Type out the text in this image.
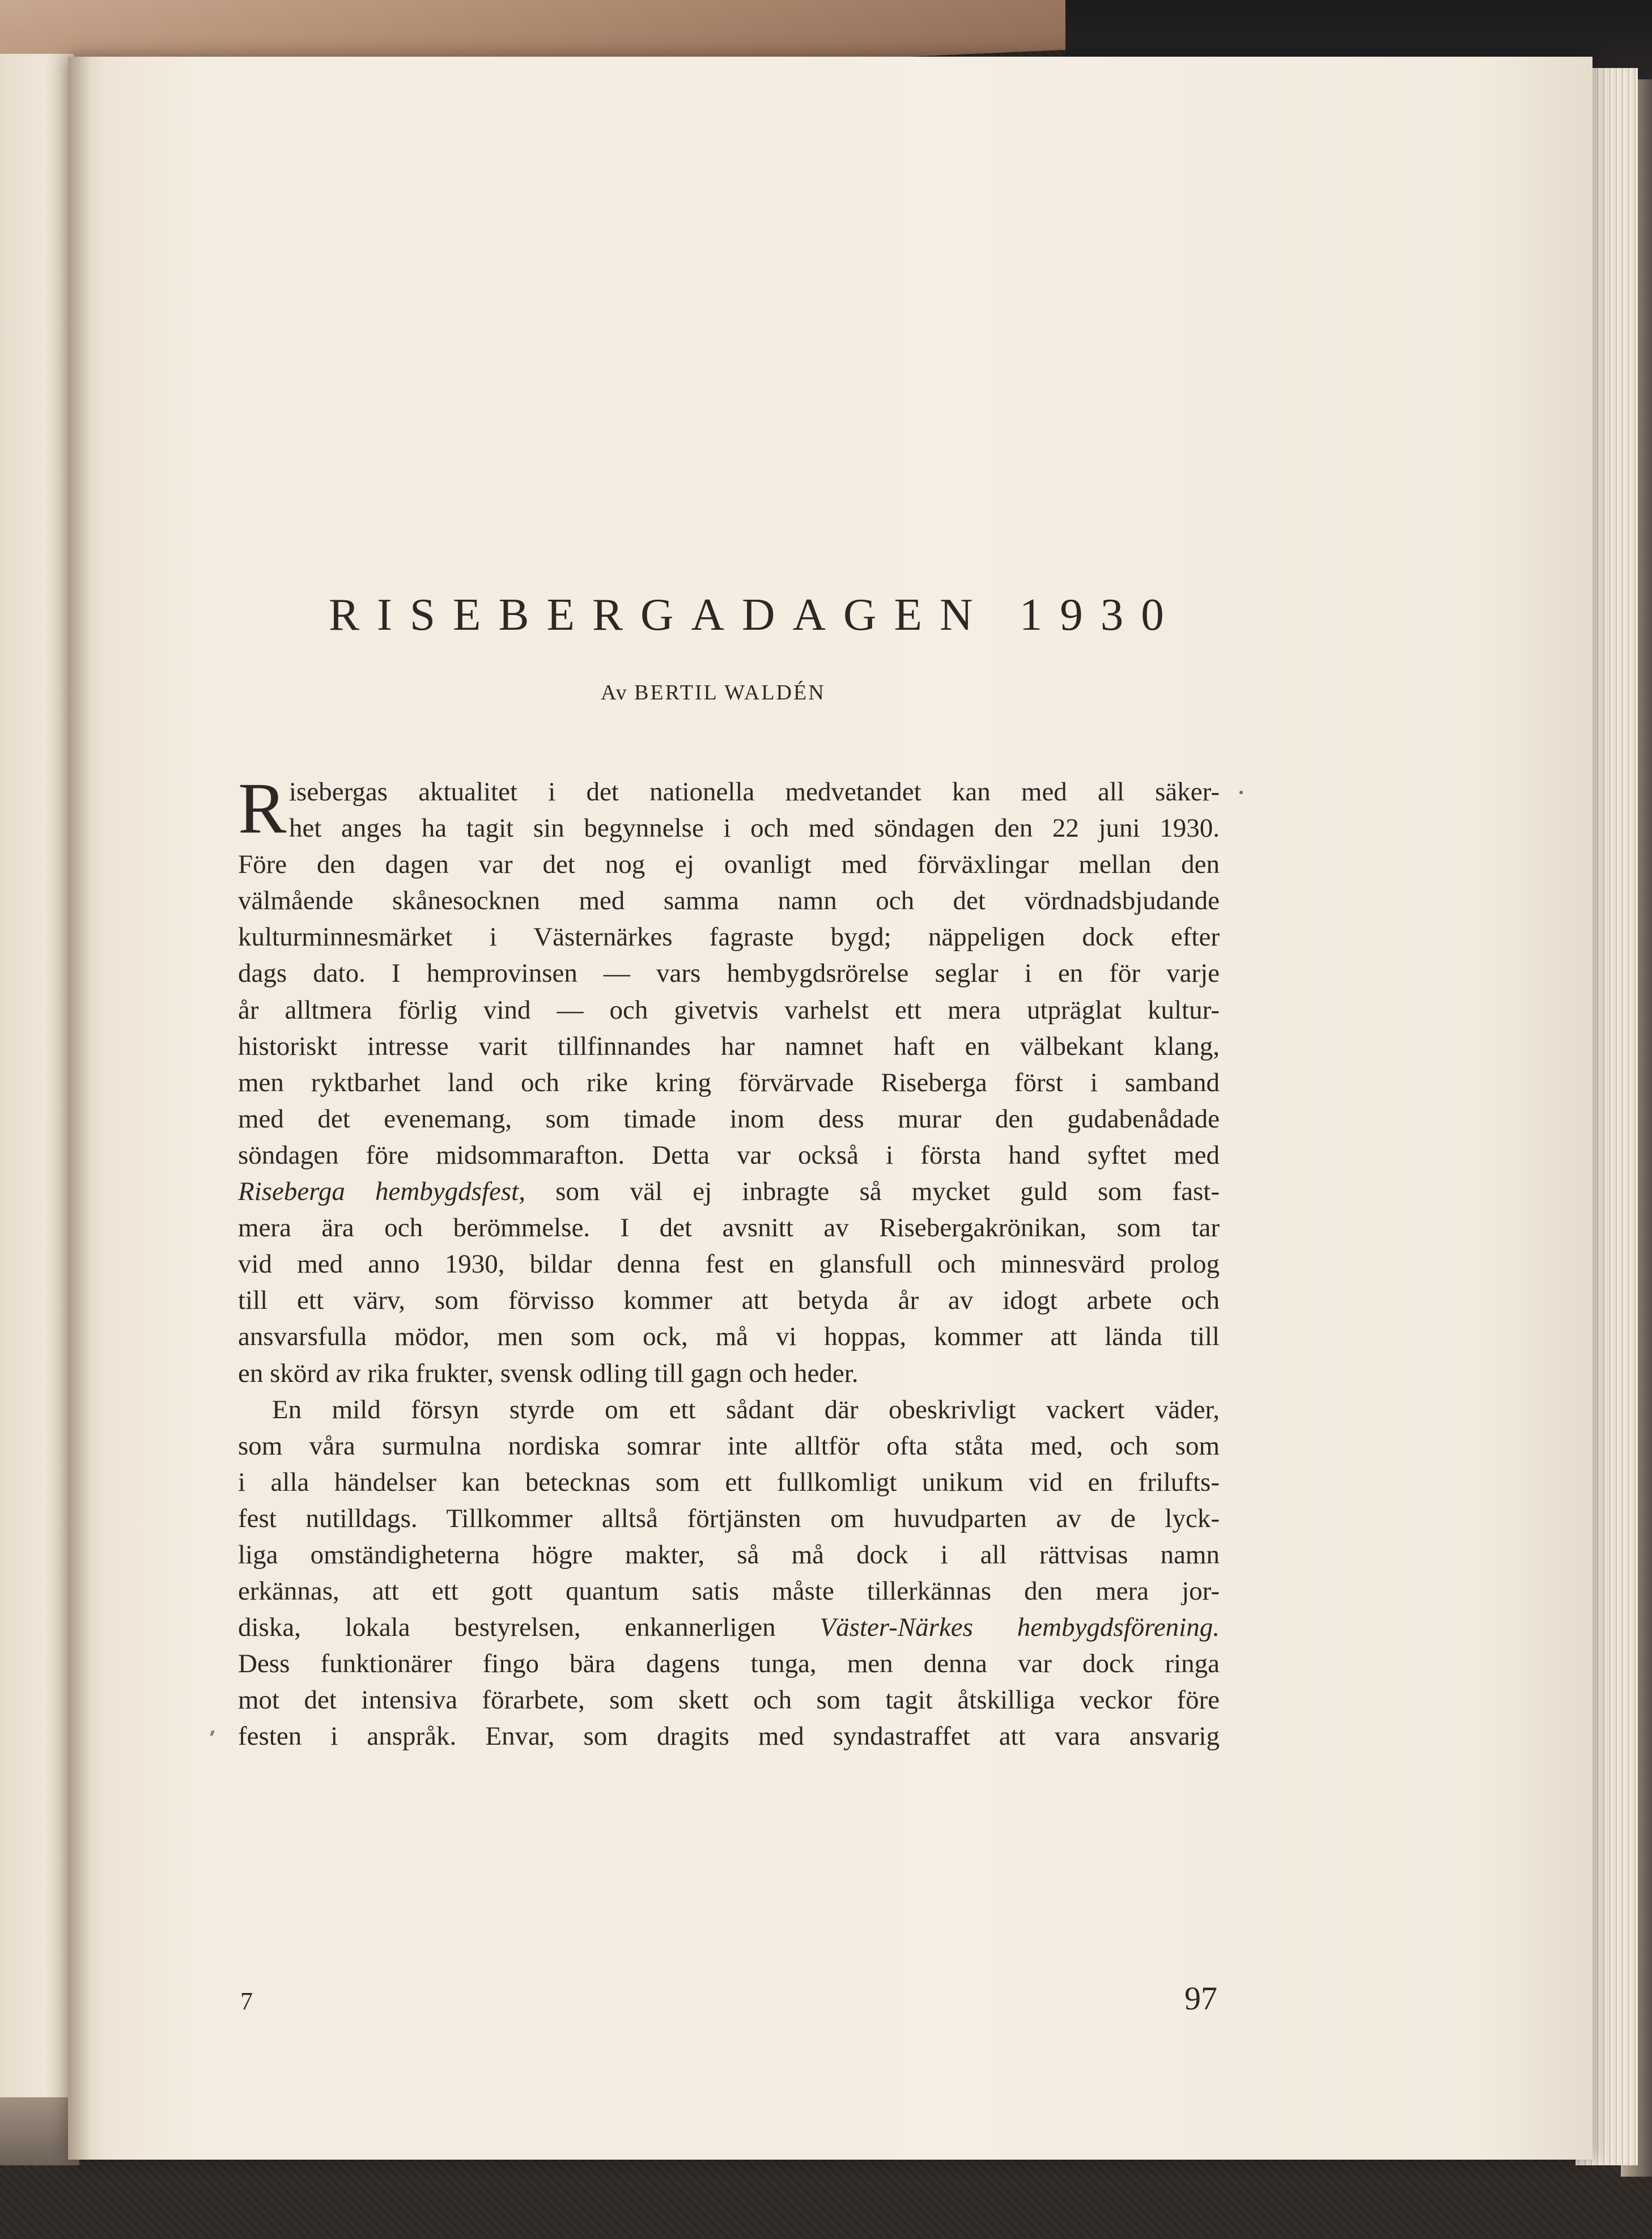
RISEBERGADAGEN 1930
Av BERTIL WALDÉN
R isebergas aktualitet i det nationella medvetandet kan med all säker-
het anges ha tagit sin begynnelse i och med söndagen den 22 juni 1930.
Före den dagen var det nog ej ovanligt med förväxlingar mellan den
välmående skånesocknen med samma namn och det vördnadsbjudande
kulturminnesmärket i Västernärkes fagraste bygd; näppeligen dock efter
dags dato. I hemprovinsen — vars hembygdsrörelse seglar i en för varje
år alltmera förlig vind — och givetvis varhelst ett mera utpräglat kultur-
historiskt intresse varit tillfinnandes har namnet haft en välbekant klang,
men ryktbarhet land och rike kring förvärvade Riseberga först i samband
med det evenemang, som timade inom dess murar den gudabenådade
söndagen före midsommarafton. Detta var också i första hand syftet med
Riseberga hembygdsfest, som väl ej inbragte så mycket guld som fast-
mera ära och berömmelse. I det avsnitt av Risebergakrönikan, som tar
vid med anno 1930, bildar denna fest en glansfull och minnesvärd prolog
till ett värv, som förvisso kommer att betyda år av idogt arbete och
ansvarsfulla mödor, men som ock, må vi hoppas, kommer att lända till
en skörd av rika frukter, svensk odling till gagn och heder.
En mild försyn styrde om ett sådant där obeskrivligt vackert väder,
som våra surmulna nordiska somrar inte alltför ofta ståta med, och som
i alla händelser kan betecknas som ett fullkomligt unikum vid en frilufts-
fest nutilldags. Tillkommer alltså förtjänsten om huvudparten av de lyck-
liga omständigheterna högre makter, så må dock i all rättvisas namn
erkännas, att ett gott quantum satis måste tillerkännas den mera jor-
diska, lokala bestyrelsen, enkannerligen Väster-Närkes hembygdsförening.
Dess funktionärer fingo bära dagens tunga, men denna var dock ringa
mot det intensiva förarbete, som skett och som tagit åtskilliga veckor före
festen i anspråk. Envar, som dragits med syndastraffet att vara ansvarig
7	97
